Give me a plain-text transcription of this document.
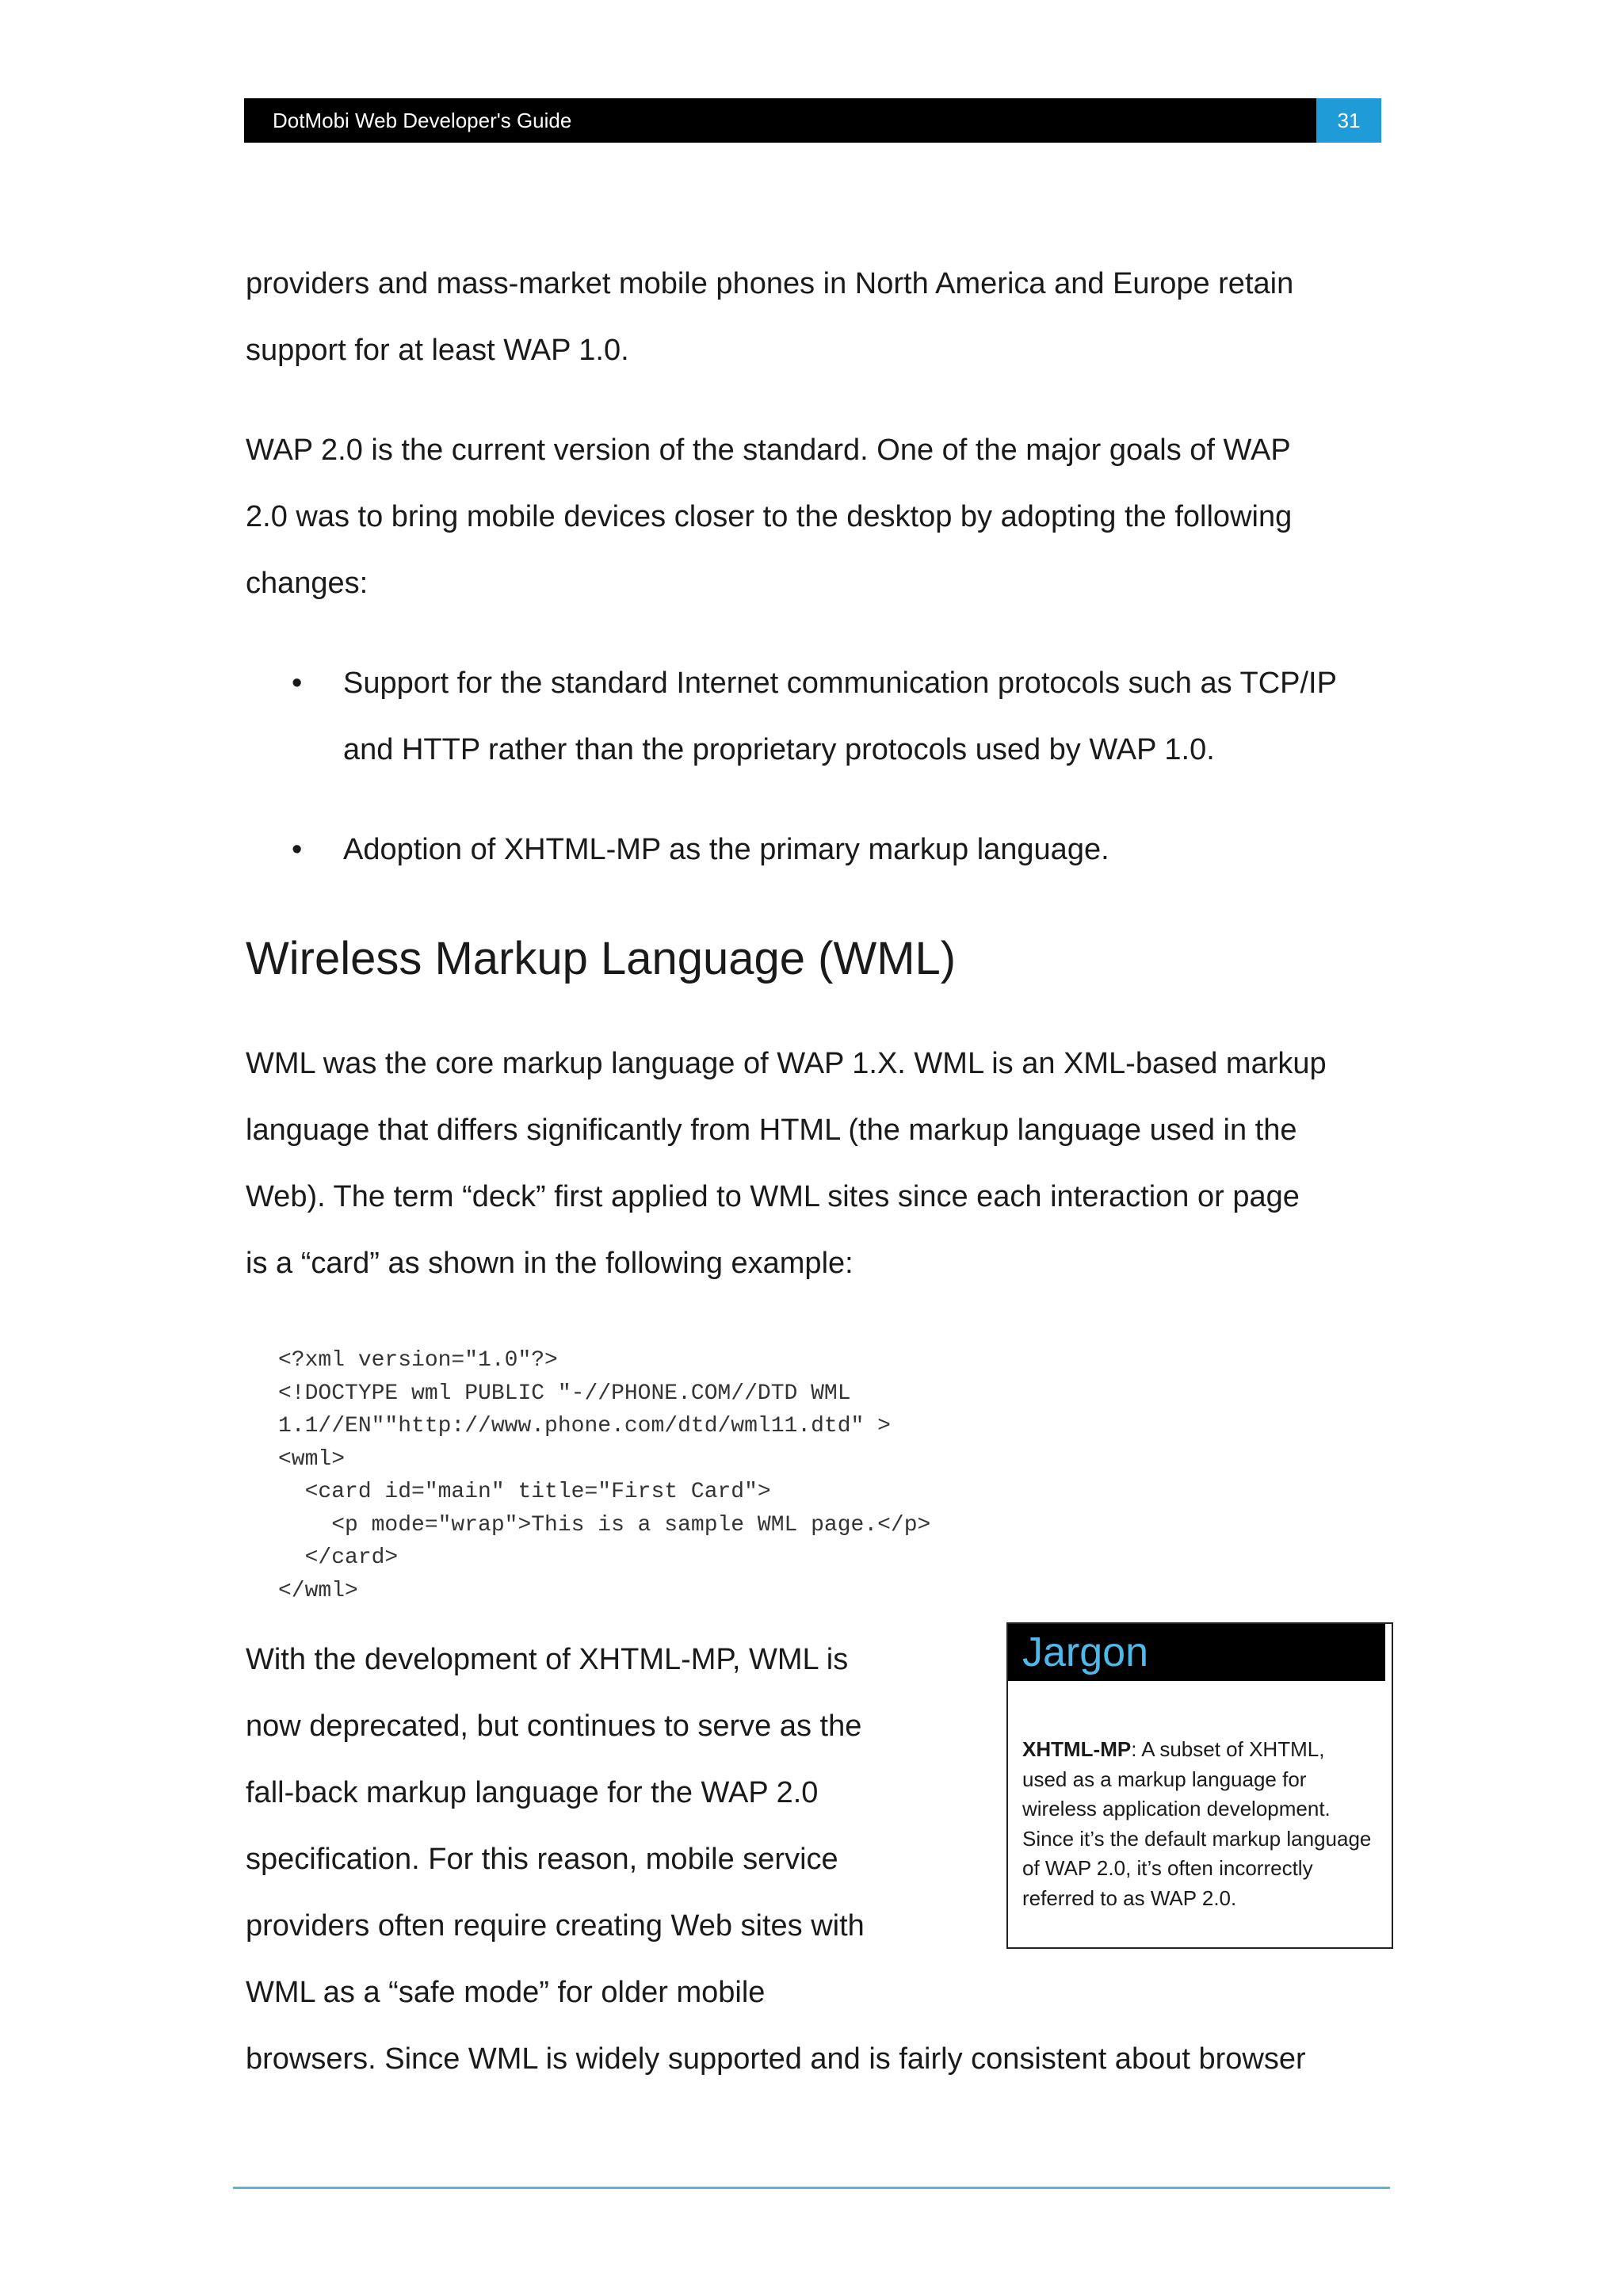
DotMobi Web Developer's Guide	31
providers and mass-market mobile phones in North America and Europe retain
support for at least WAP 1.0.
WAP 2.0 is the current version of the standard. One of the major goals of WAP
2.0 was to bring mobile devices closer to the desktop by adopting the following
changes:
• Support for the standard Internet communication protocols such as TCP/IP
and HTTP rather than the proprietary protocols used by WAP 1.0.
• Adoption of XHTML-MP as the primary markup language.
Wireless Markup Language (WML)
WML was the core markup language of WAP 1.X. WML is an XML-based markup
language that differs significantly from HTML (the markup language used in the
Web). The term “deck” first applied to WML sites since each interaction or page
is a “card” as shown in the following example:
<?xml version="1.0"?>
<!DOCTYPE wml PUBLIC "-//PHONE.COM//DTD WML
1.1//EN""http://www.phone.com/dtd/wml11.dtd" >
<wml>
<card id="main" title="First Card">
<p mode="wrap">This is a sample WML page.</p>
</card>
</wml>
With the development of XHTML-MP, WML is
now deprecated, but continues to serve as the
fall-back markup language for the WAP 2.0
specification. For this reason, mobile service
providers often require creating Web sites with
WML as a “safe mode” for older mobile
browsers. Since WML is widely supported and is fairly consistent about browser
Jargon
XHTML-MP: A subset of XHTML,
used as a markup language for
wireless application development.
Since it’s the default markup language
of WAP 2.0, it’s often incorrectly
referred to as WAP 2.0.
